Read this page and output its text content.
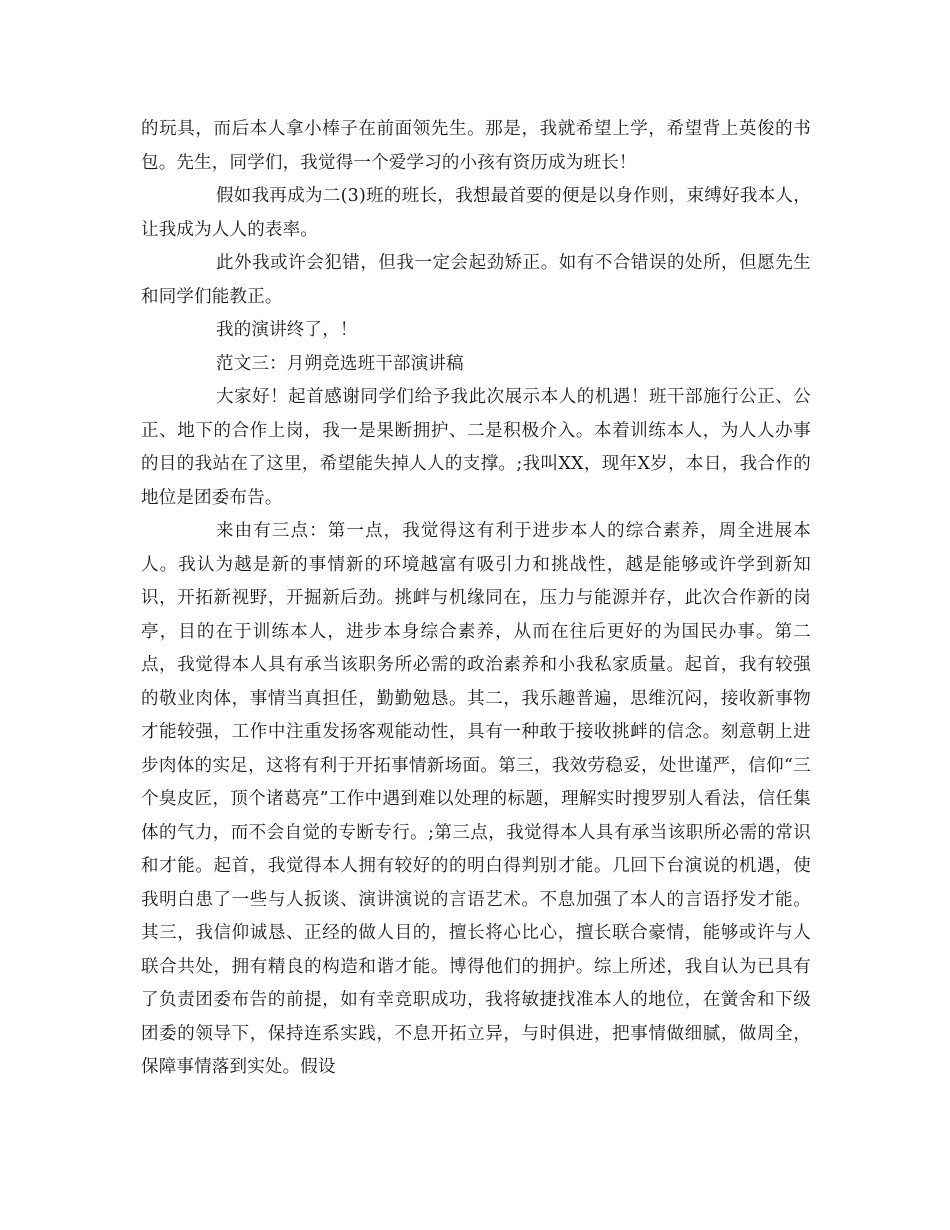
的玩具，而后本人拿小棒子在前面领先生。那是，我就希望上学，希望背上英俊的书包。先生，同学们，我觉得一个爱学习的小孩有资历成为班长！

假如我再成为二(3)班的班长，我想最首要的便是以身作则，束缚好我本人，让我成为人人的表率。

此外我或许会犯错，但我一定会起劲矫正。如有不合错误的处所，但愿先生和同学们能教正。

我的演讲终了，！

范文三：月朔竞选班干部演讲稿

大家好！起首感谢同学们给予我此次展示本人的机遇！班干部施行公正、公正、地下的合作上岗，我一是果断拥护、二是积极介入。本着训练本人，为人人办事的目的我站在了这里，希望能失掉人人的支撑。;我叫XX，现年X岁，本日，我合作的地位是团委布告。

来由有三点：第一点，我觉得这有利于进步本人的综合素养，周全进展本人。我认为越是新的事情新的环境越富有吸引力和挑战性，越是能够或许学到新知识，开拓新视野，开掘新后劲。挑衅与机缘同在，压力与能源并存，此次合作新的岗亭，目的在于训练本人，进步本身综合素养，从而在往后更好的为国民办事。第二点，我觉得本人具有承当该职务所必需的政治素养和小我私家质量。起首，我有较强的敬业肉体，事情当真担任，勤勤勉恳。其二，我乐趣普遍，思维沉闷，接收新事物才能较强，工作中注重发扬客观能动性，具有一种敢于接收挑衅的信念。刻意朝上进步肉体的实足，这将有利于开拓事情新场面。第三，我效劳稳妥，处世谨严，信仰“三个臭皮匠，顶个诸葛亮”工作中遇到难以处理的标题，理解实时搜罗别人看法，信任集体的气力，而不会自觉的专断专行。;第三点，我觉得本人具有承当该职所必需的常识和才能。起首，我觉得本人拥有较好的的明白得判别才能。几回下台演说的机遇，使我明白患了一些与人扳谈、演讲演说的言语艺术。不息加强了本人的言语抒发才能。其三，我信仰诚恳、正经的做人目的，擅长将心比心，擅长联合豪情，能够或许与人联合共处，拥有精良的构造和谐才能。博得他们的拥护。综上所述，我自认为已具有了负责团委布告的前提，如有幸竞职成功，我将敏捷找准本人的地位，在黉舍和下级团委的领导下，保持连系实践，不息开拓立异，与时俱进，把事情做细腻，做周全，保障事情落到实处。假设
